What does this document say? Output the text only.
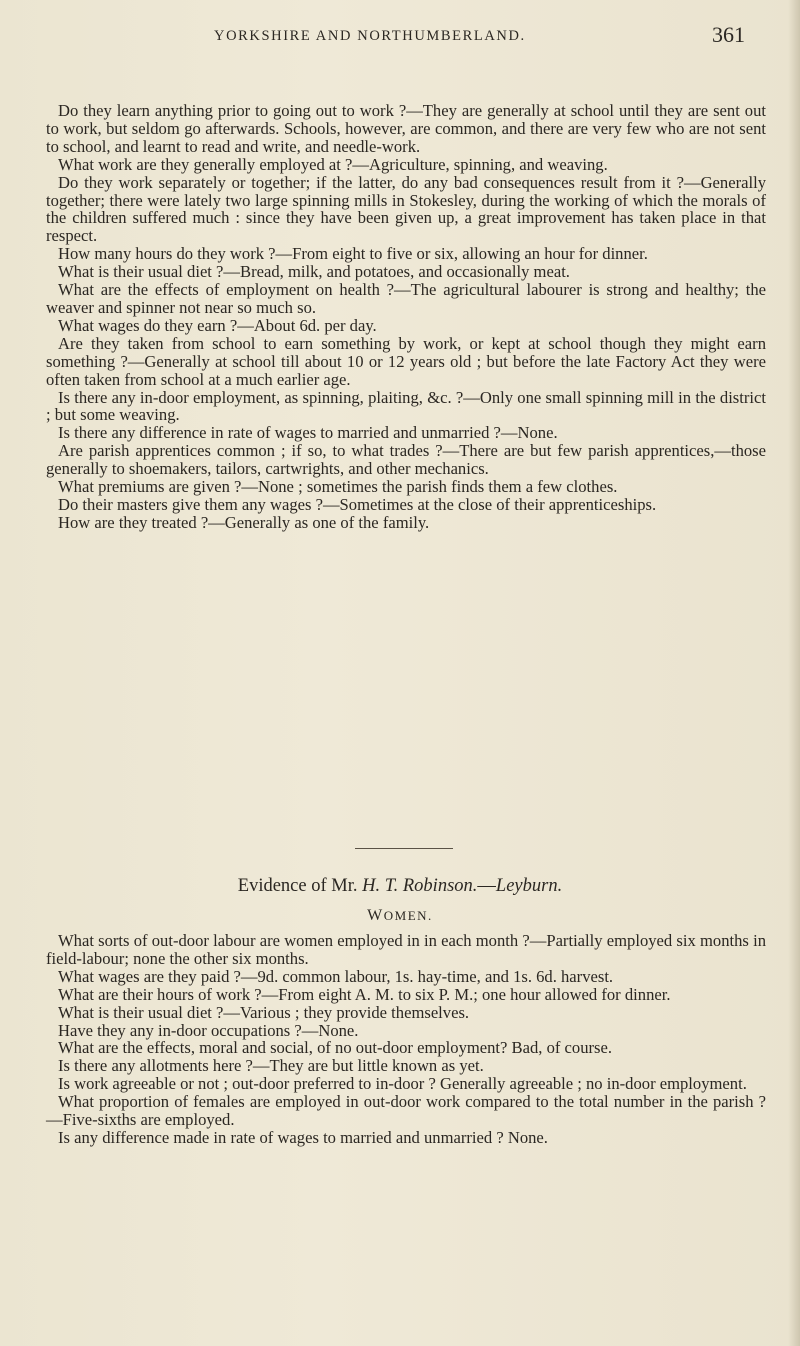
YORKSHIRE AND NORTHUMBERLAND.	361

Do they learn anything prior to going out to work ?—They are generally at school until they are sent out to work, but seldom go afterwards. Schools, however, are common, and there are very few who are not sent to school, and learnt to read and write, and needle-work.

What work are they generally employed at ?—Agriculture, spinning, and weaving.

Do they work separately or together; if the latter, do any bad consequences result from it ?—Generally together; there were lately two large spinning mills in Stokesley, during the working of which the morals of the children suffered much : since they have been given up, a great improvement has taken place in that respect.

How many hours do they work ?—From eight to five or six, allowing an hour for dinner.

What is their usual diet ?—Bread, milk, and potatoes, and occasionally meat.

What are the effects of employment on health ?—The agricultural labourer is strong and healthy; the weaver and spinner not near so much so.

What wages do they earn ?—About 6d. per day.

Are they taken from school to earn something by work, or kept at school though they might earn something ?—Generally at school till about 10 or 12 years old ; but before the late Factory Act they were often taken from school at a much earlier age.

Is there any in-door employment, as spinning, plaiting, &c. ?—Only one small spinning mill in the district ; but some weaving.

Is there any difference in rate of wages to married and unmarried ?—None.

Are parish apprentices common ; if so, to what trades ?—There are but few parish apprentices,—those generally to shoemakers, tailors, cartwrights, and other mechanics.

What premiums are given ?—None ; sometimes the parish finds them a few clothes.

Do their masters give them any wages ?—Sometimes at the close of their apprenticeships.

How are they treated ?—Generally as one of the family.

Evidence of Mr. H. T. Robinson.—Leyburn.
WOMEN.

What sorts of out-door labour are women employed in in each month ?—Partially employed six months in field-labour; none the other six months.

What wages are they paid ?—9d. common labour, 1s. hay-time, and 1s. 6d. harvest.

What are their hours of work ?—From eight A. M. to six P. M.; one hour allowed for dinner.

What is their usual diet ?—Various ; they provide themselves.

Have they any in-door occupations ?—None.

What are the effects, moral and social, of no out-door employment? Bad, of course.

Is there any allotments here ?—They are but little known as yet.

Is work agreeable or not ; out-door preferred to in-door ? Generally agreeable ; no in-door employment.

What proportion of females are employed in out-door work compared to the total number in the parish ?—Five-sixths are employed.

Is any difference made in rate of wages to married and unmarried ? None.
